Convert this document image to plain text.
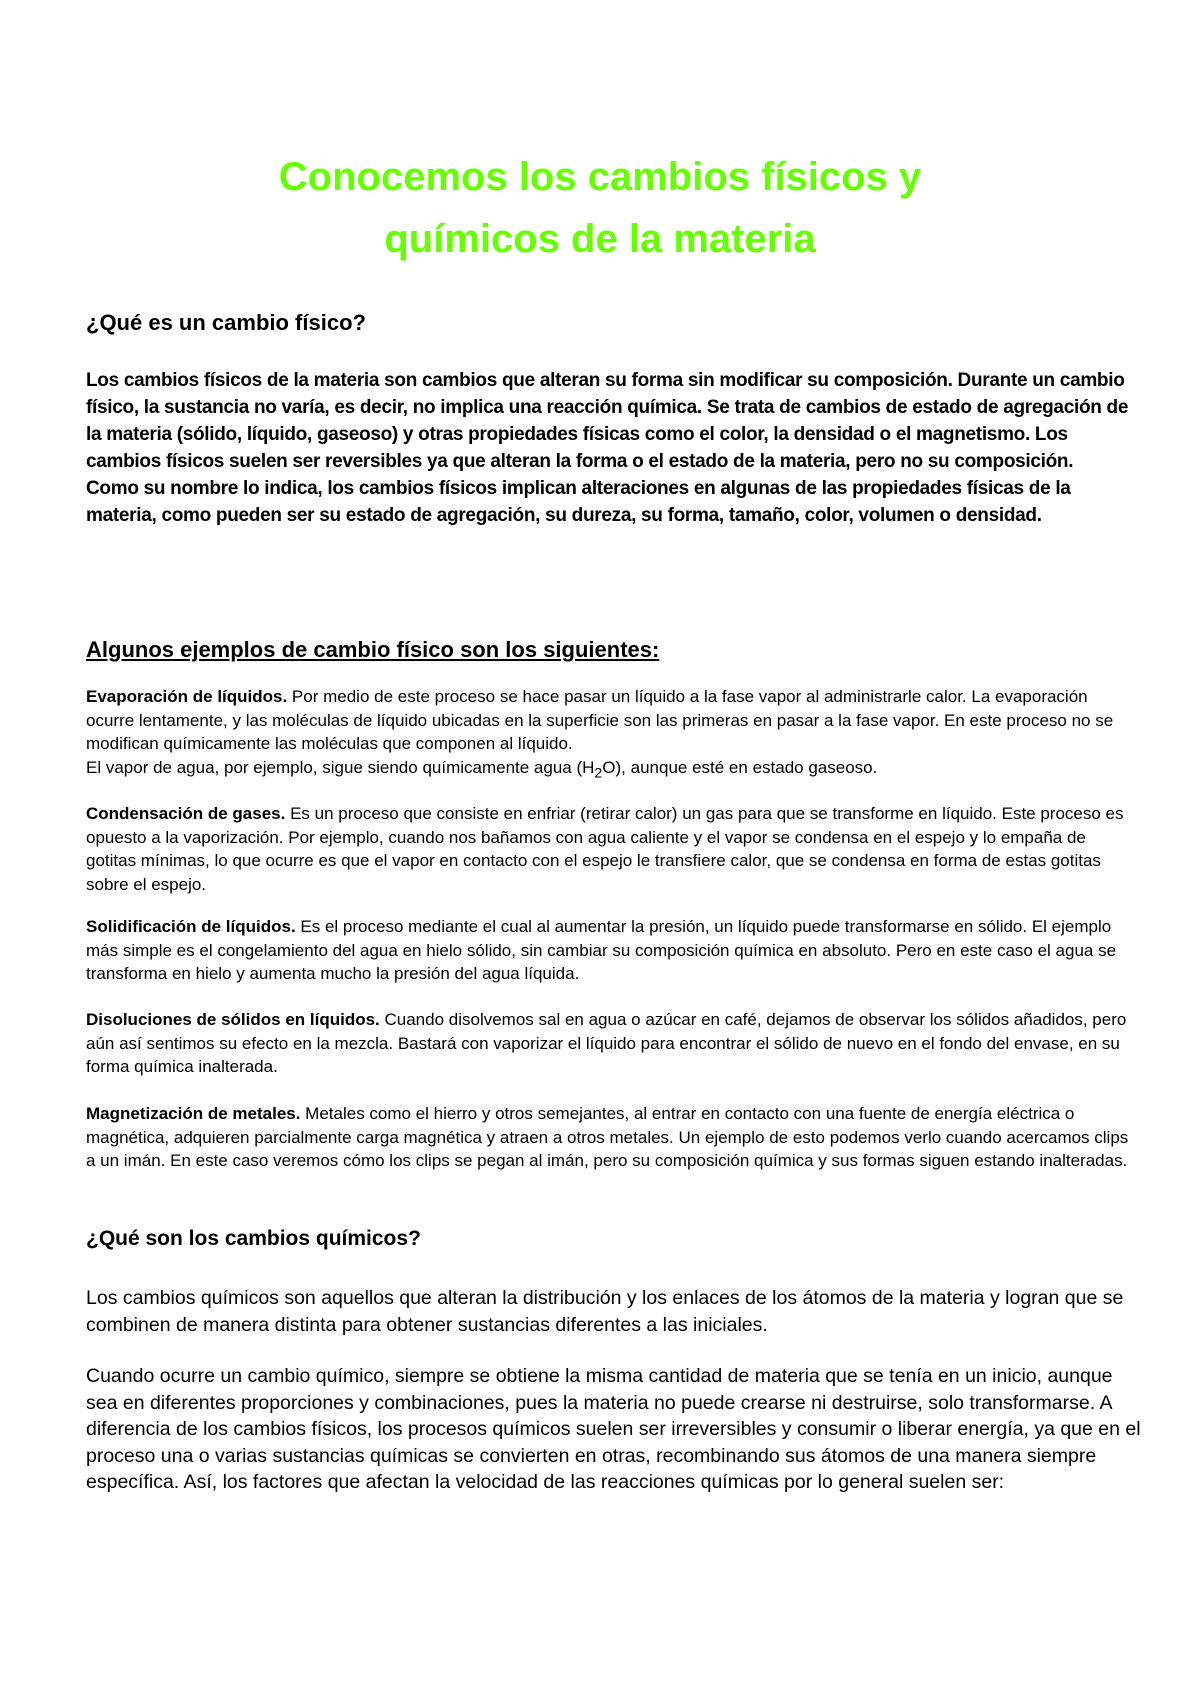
Conocemos los cambios físicos y
químicos de la materia
¿Qué es un cambio físico?

Los cambios físicos de la materia son cambios que alteran su forma sin modificar su composición. Durante un cambio físico, la sustancia no varía, es decir, no implica una reacción química. Se trata de cambios de estado de agregación de la materia (sólido, líquido, gaseoso) y otras propiedades físicas como el color, la densidad o el magnetismo. Los cambios físicos suelen ser reversibles ya que alteran la forma o el estado de la materia, pero no su composición.

Como su nombre lo indica, los cambios físicos implican alteraciones en algunas de las propiedades físicas de la materia, como pueden ser su estado de agregación, su dureza, su forma, tamaño, color, volumen o densidad.

Algunos ejemplos de cambio físico son los siguientes:

Evaporación de líquidos. Por medio de este proceso se hace pasar un líquido a la fase vapor al administrarle calor. La evaporación ocurre lentamente, y las moléculas de líquido ubicadas en la superficie son las primeras en pasar a la fase vapor. En este proceso no se modifican químicamente las moléculas que componen al líquido.

El vapor de agua, por ejemplo, sigue siendo químicamente agua $(H_2O)$, aunque esté en estado gaseoso.

Condensación de gases. Es un proceso que consiste en enfriar (retirar calor) un gas para que se transforme en líquido. Este proceso es opuesto a la vaporización. Por ejemplo, cuando nos bañamos con agua caliente y el vapor se condensa en el espejo y lo empaña de gotitas mínimas, lo que ocurre es que el vapor en contacto con el espejo le transfiere calor, que se condensa en forma de estas gotitas sobre el espejo.

Solidificación de líquidos. Es el proceso mediante el cual al aumentar la presión, un líquido puede transformarse en sólido. El ejemplo más simple es el congelamiento del agua en hielo sólido, sin cambiar su composición química en absoluto. Pero en este caso el agua se transforma en hielo y aumenta mucho la presión del agua líquida.

Disoluciones de sólidos en líquidos. Cuando disolvemos sal en agua o azúcar en café, dejamos de observar los sólidos añadidos, pero aún así sentimos su efecto en la mezcla. Bastará con vaporizar el líquido para encontrar el sólido de nuevo en el fondo del envase, en su forma química inalterada.

Magnetización de metales. Metales como el hierro y otros semejantes, al entrar en contacto con una fuente de energía eléctrica o magnética, adquieren parcialmente carga magnética y atraen a otros metales. Un ejemplo de esto podemos verlo cuando acercamos clips a un imán. En este caso veremos cómo los clips se pegan al imán, pero su composición química y sus formas siguen estando inalteradas.

¿Qué son los cambios químicos?

Los cambios químicos son aquellos que alteran la distribución y los enlaces de los átomos de la materia y logran que se combinen de manera distinta para obtener sustancias diferentes a las iniciales.

Cuando ocurre un cambio químico, siempre se obtiene la misma cantidad de materia que se tenía en un inicio, aunque sea en diferentes proporciones y combinaciones, pues la materia no puede crearse ni destruirse, solo transformarse. A diferencia de los cambios físicos, los procesos químicos suelen ser irreversibles y consumir o liberar energía, ya que en el proceso una o varias sustancias químicas se convierten en otras, recombinando sus átomos de una manera siempre específica. Así, los factores que afectan la velocidad de las reacciones químicas por lo general suelen ser:
